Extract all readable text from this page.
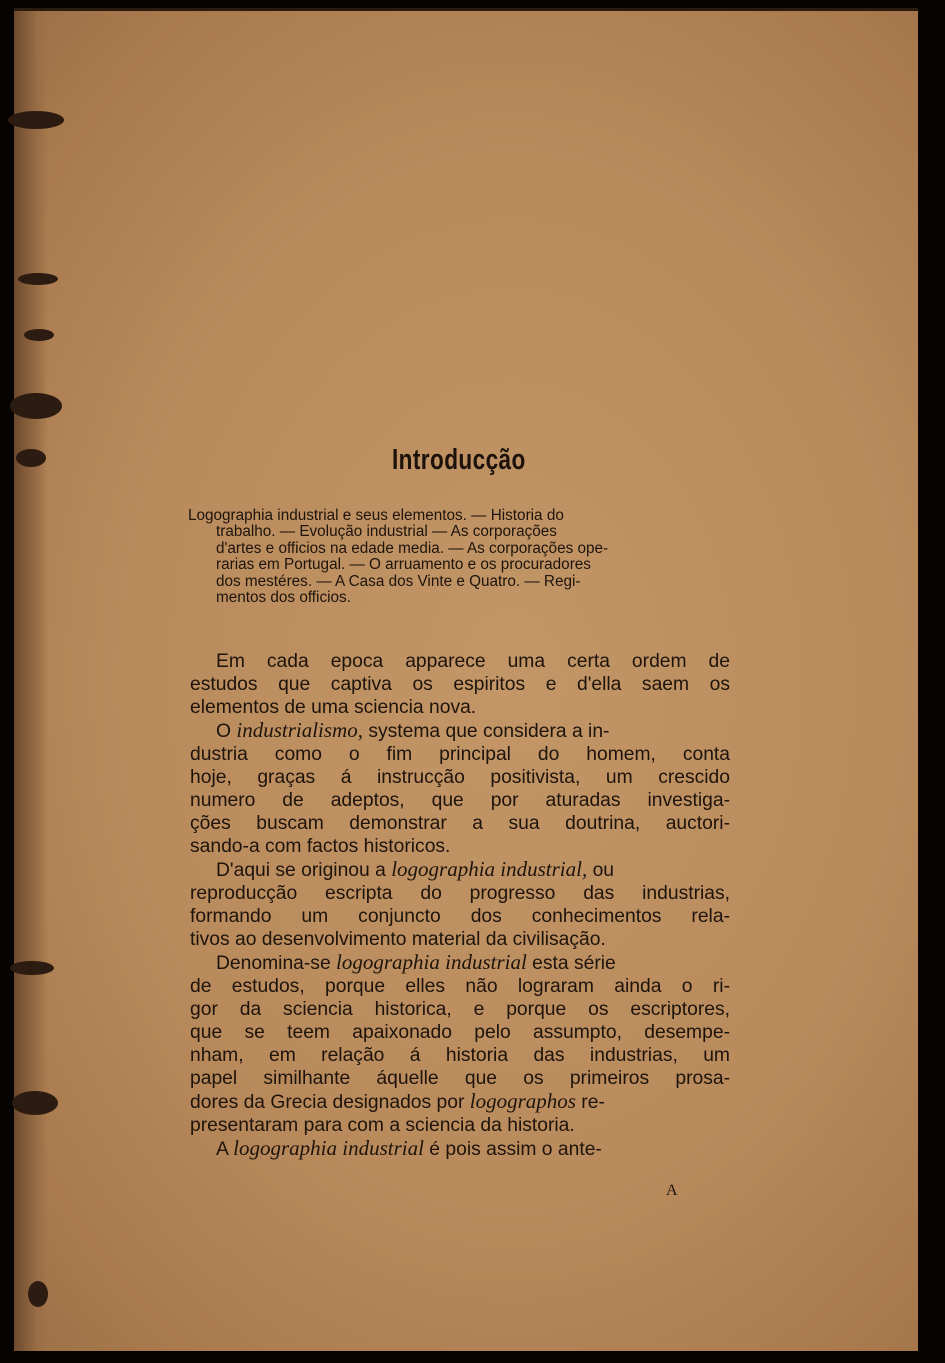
Introducção
Logographia industrial e seus elementos. — Historia do
trabalho. — Evolução industrial — As corporações
d'artes e officios na edade media. — As corporações ope-
rarias em Portugal. — O arruamento e os procuradores
dos mestéres. — A Casa dos Vinte e Quatro. — Regi-
mentos dos officios.
Em cada epoca apparece uma certa ordem de
estudos que captiva os espiritos e d'ella saem os
elementos de uma sciencia nova.
O industrialismo, systema que considera a in-
dustria como o fim principal do homem, conta
hoje, graças á instrucção positivista, um crescido
numero de adeptos, que por aturadas investiga-
ções buscam demonstrar a sua doutrina, auctori-
sando-a com factos historicos.
D'aqui se originou a logographia industrial, ou
reproducção escripta do progresso das industrias,
formando um conjuncto dos conhecimentos rela-
tivos ao desenvolvimento material da civilisação.
Denomina-se logographia industrial esta série
de estudos, porque elles não lograram ainda o ri-
gor da sciencia historica, e porque os escriptores,
que se teem apaixonado pelo assumpto, desempe-
nham, em relação á historia das industrias, um
papel similhante áquelle que os primeiros prosa-
dores da Grecia designados por logographos re-
presentaram para com a sciencia da historia.
A logographia industrial é pois assim o ante-
A
